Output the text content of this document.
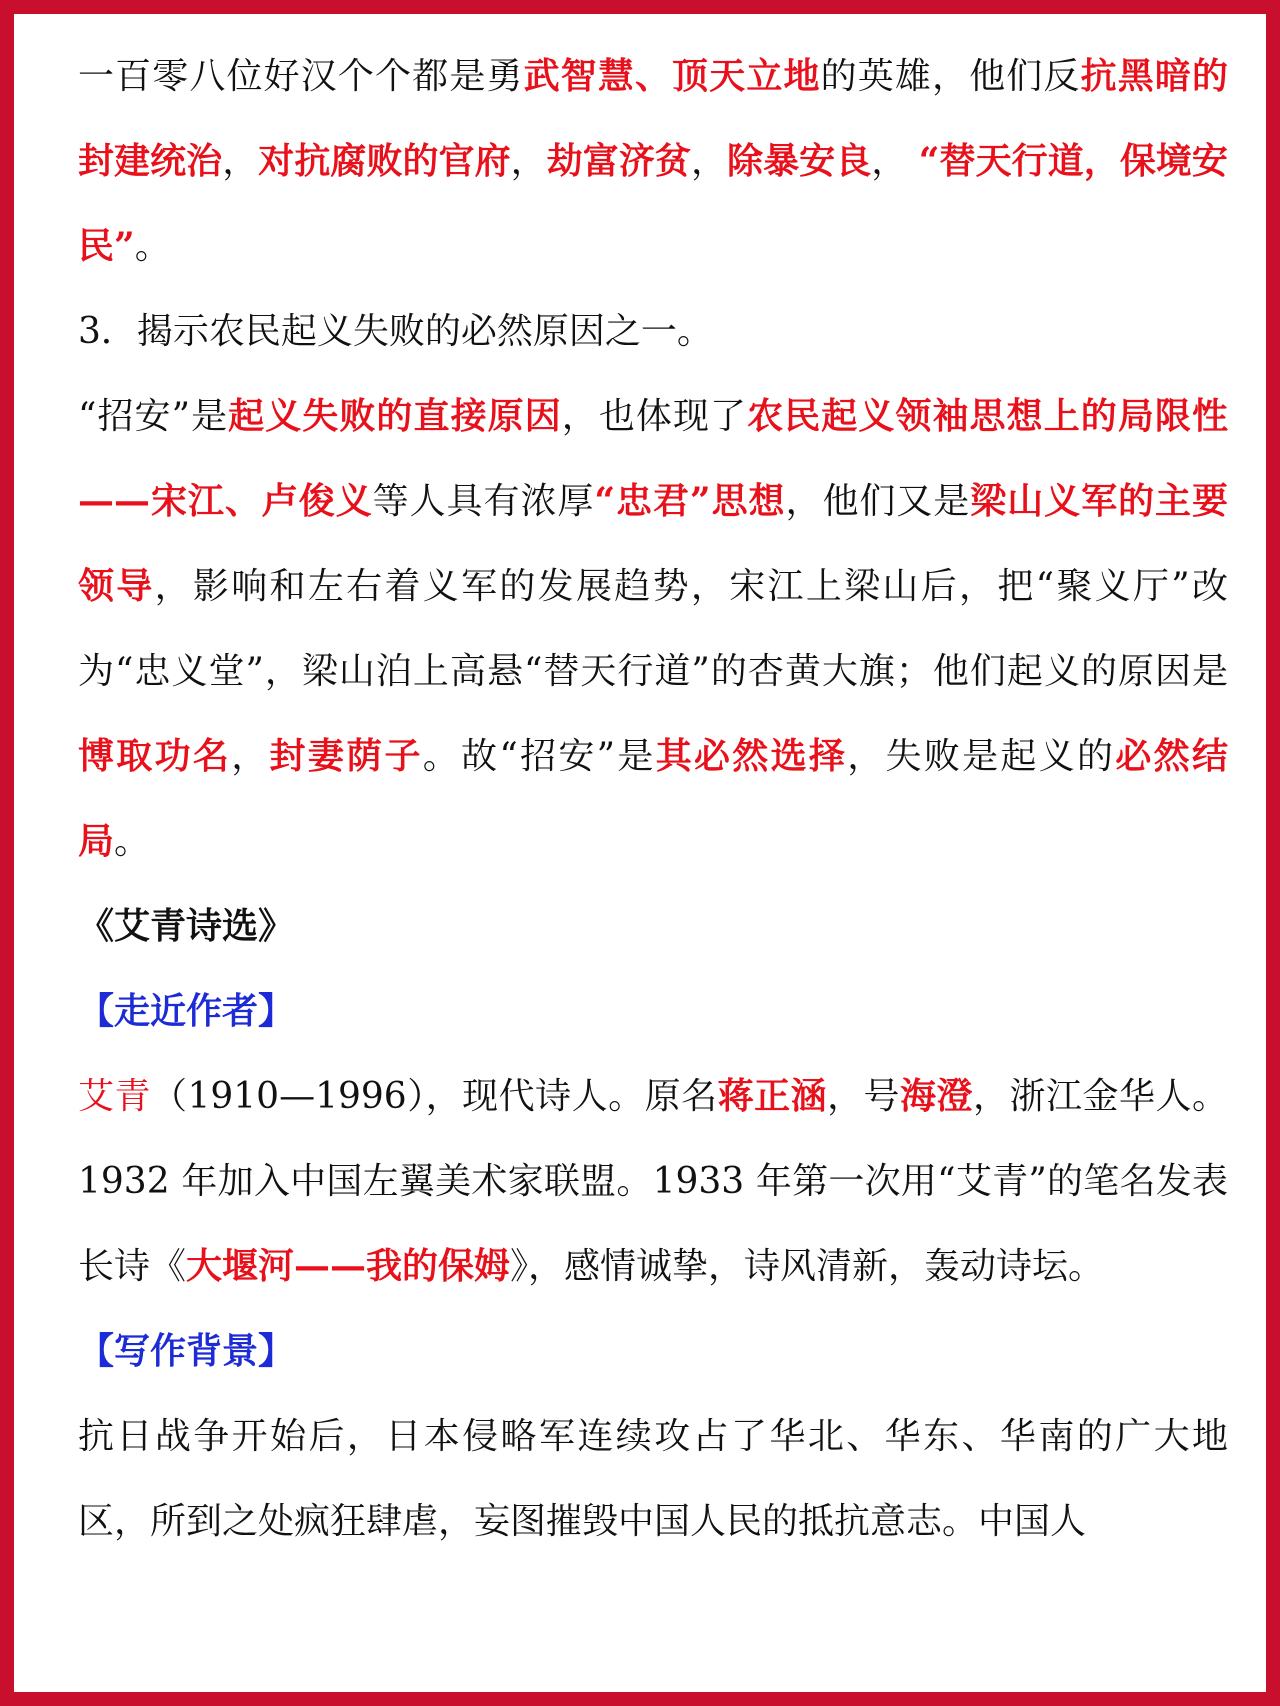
一百零八位好汉个个都是勇武智慧、顶天立地的英雄，他们反抗黑暗的封建统治，对抗腐败的官府，劫富济贫，除暴安良， “替天行道，保境安民”。

3．揭示农民起义失败的必然原因之一。

“招安”是起义失败的直接原因，也体现了农民起义领袖思想上的局限性——宋江、卢俊义等人具有浓厚“忠君”思想，他们又是梁山义军的主要领导，影响和左右着义军的发展趋势，宋江上梁山后，把“聚义厅”改为“忠义堂”，梁山泊上高悬“替天行道”的杏黄大旗；他们起义的原因是博取功名，封妻荫子。故“招安”是其必然选择，失败是起义的必然结局。

《艾青诗选》

【走近作者】

艾青（1910—1996），现代诗人。原名蒋正涵，号海澄，浙江金华人。1932 年加入中国左翼美术家联盟。1933 年第一次用“艾青”的笔名发表长诗《大堰河——我的保姆》，感情诚挚，诗风清新，轰动诗坛。

【写作背景】

抗日战争开始后，日本侵略军连续攻占了华北、华东、华南的广大地区，所到之处疯狂肆虐，妄图摧毁中国人民的抵抗意志。中国人
